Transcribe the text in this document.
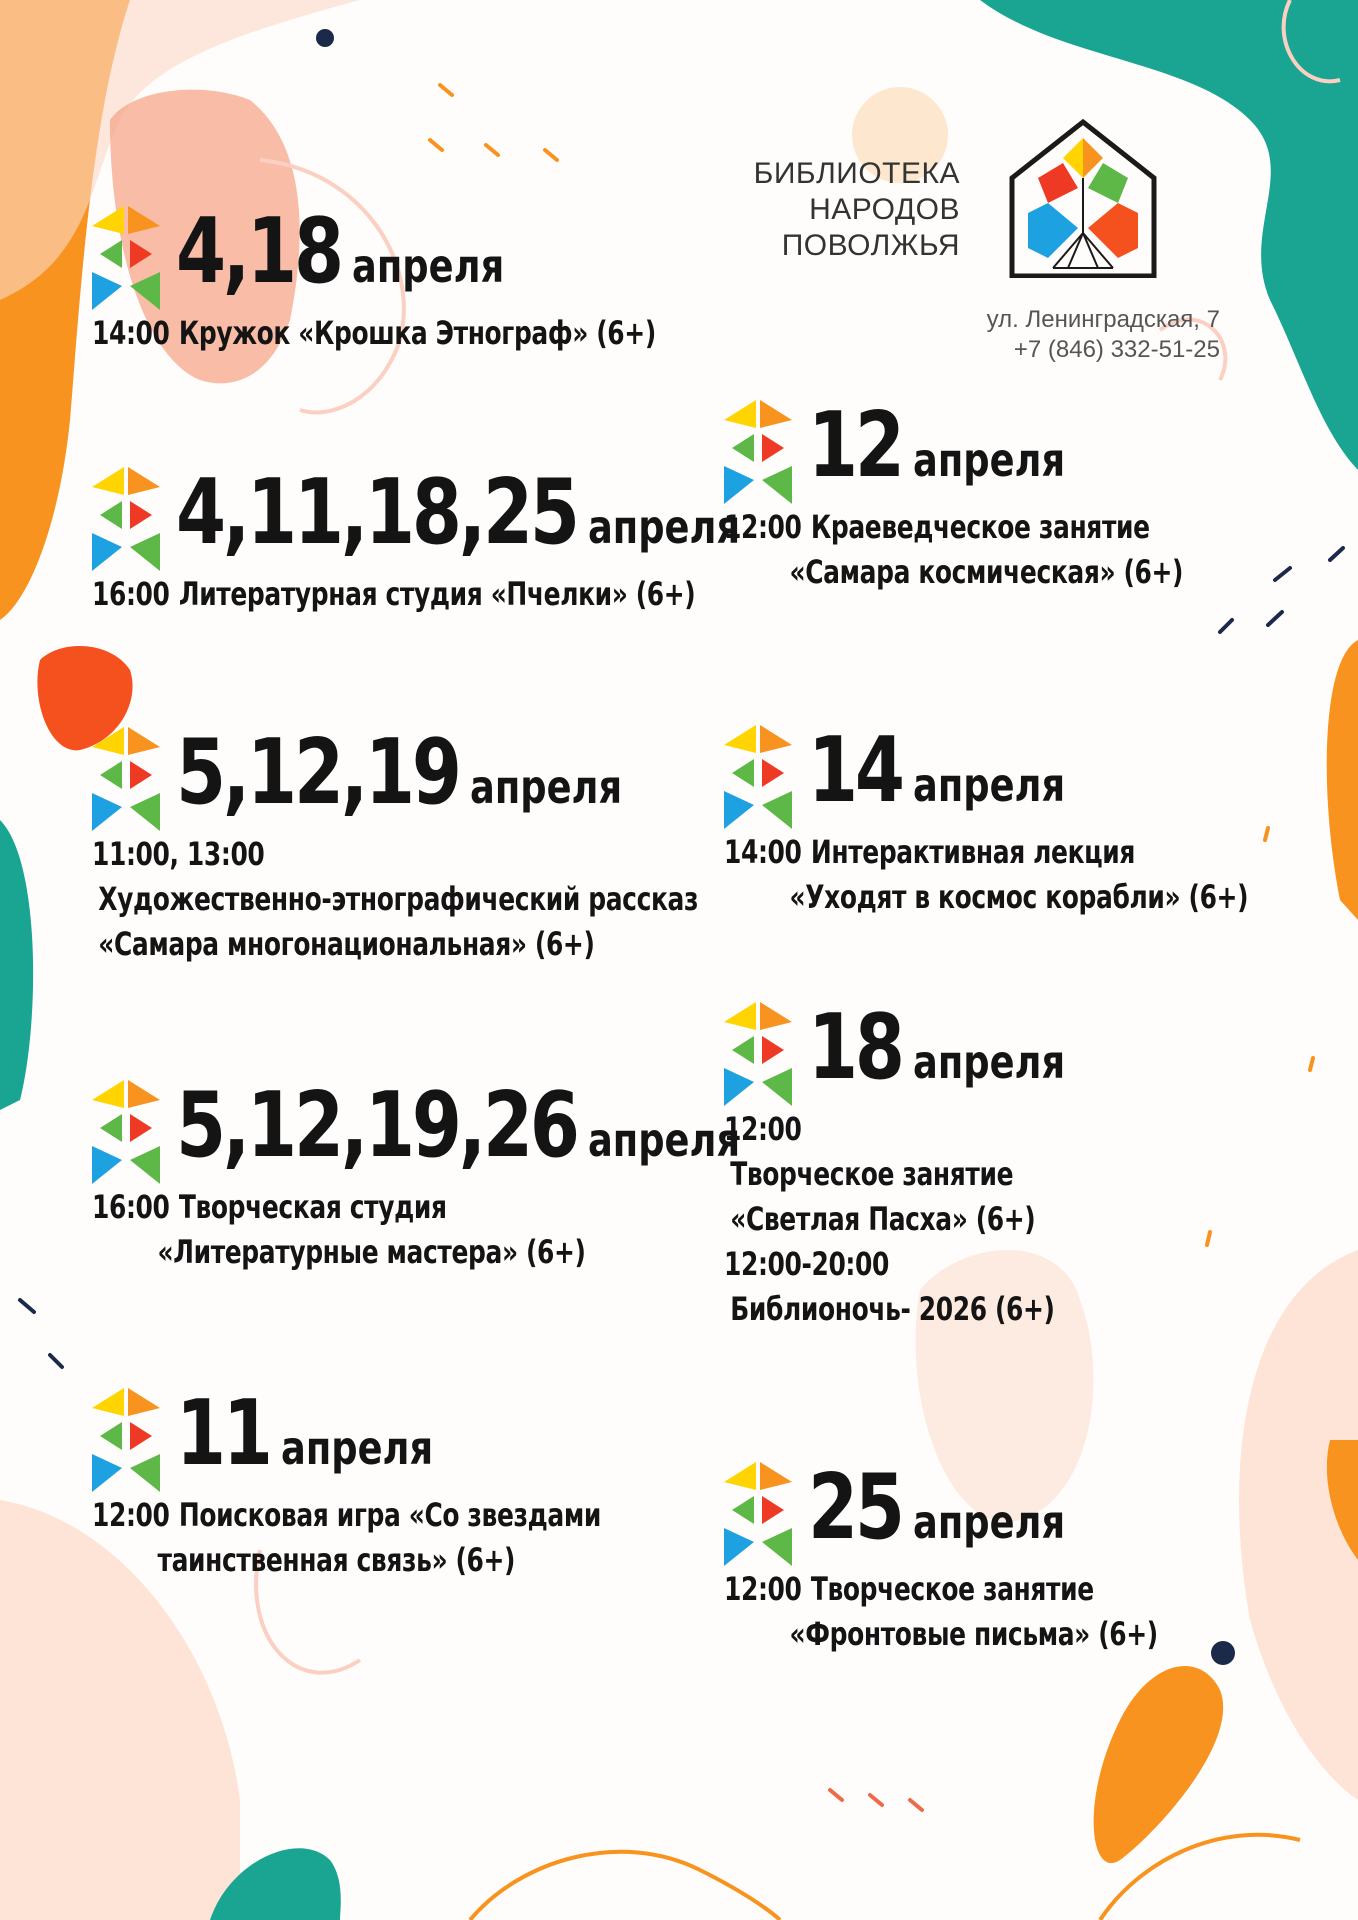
БИБЛИОТЕКА
НАРОДОВ
ПОВОЛЖЬЯ
ул. Ленинградская, 7
+7 (846) 332-51-25
4,18 апреля
14:00 Кружок «Крошка Этнограф» (6+)
4,11,18,25 апреля
16:00 Литературная студия «Пчелки» (6+)
5,12,19 апреля
11:00, 13:00
Художественно-этнографический рассказ
«Самара многонациональная» (6+)
5,12,19,26 апреля
16:00 Творческая студия
«Литературные мастера» (6+)
11 апреля
12:00 Поисковая игра «Со звездами
таинственная связь» (6+)
12 апреля
12:00 Краеведческое занятие
«Самара космическая» (6+)
14 апреля
14:00 Интерактивная лекция
«Уходят в космос корабли» (6+)
18 апреля
12:00
Творческое занятие
«Светлая Пасха» (6+)
12:00-20:00
Библионочь- 2026 (6+)
25 апреля
12:00 Творческое занятие
«Фронтовые письма» (6+)
